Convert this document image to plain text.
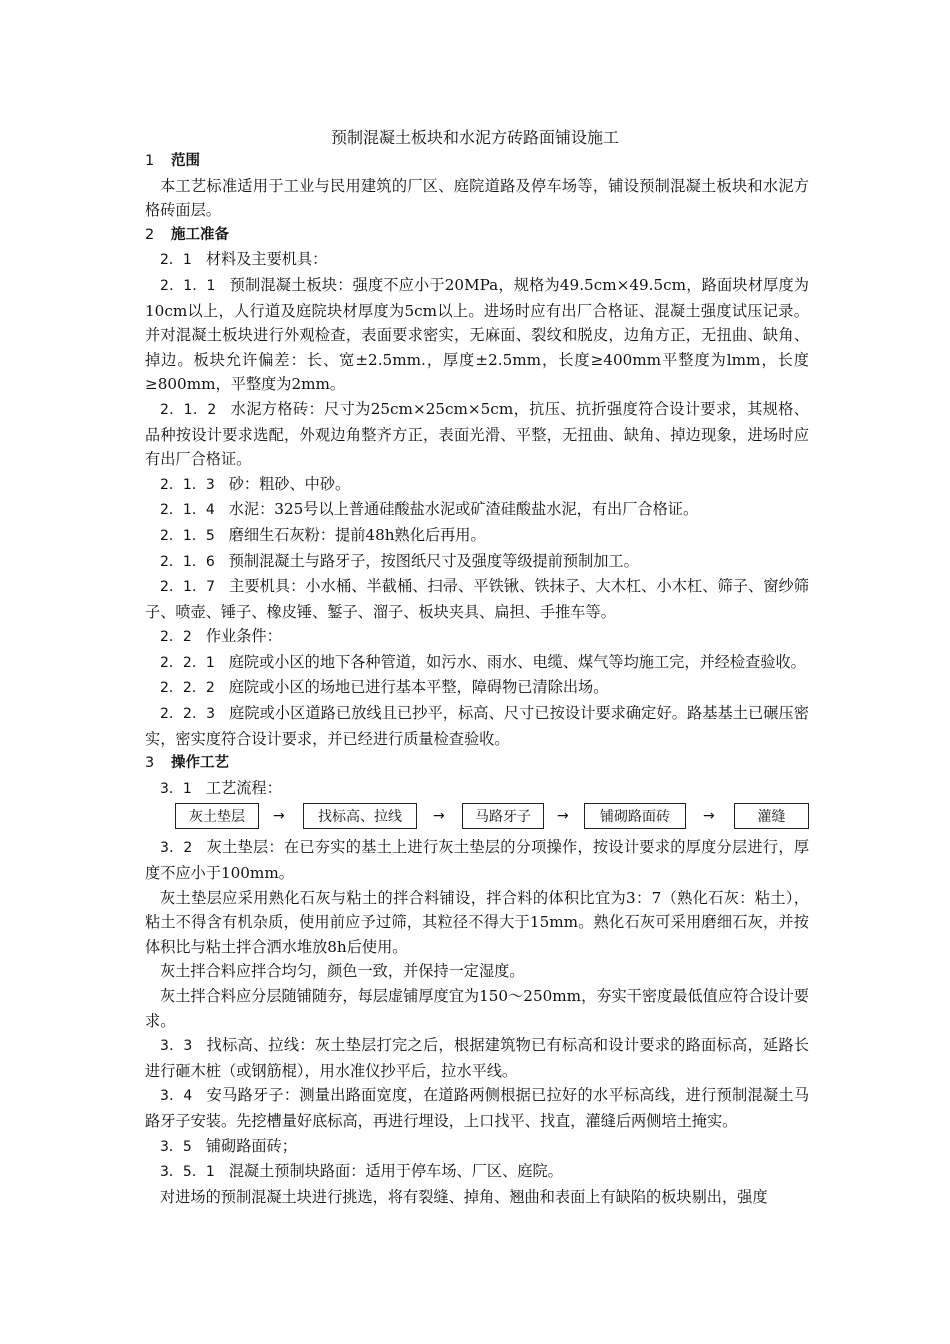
预制混凝土板块和水泥方砖路面铺设施工

1 范围

本工艺标准适用于工业与民用建筑的厂区、庭院道路及停车场等，铺设预制混凝土板块和水泥方格砖面层。

2 施工准备

2．1 材料及主要机具：

2．1．1 预制混凝土板块：强度不应小于20MPa，规格为49.5cm×49.5cm，路面块材厚度为10cm以上，人行道及庭院块材厚度为5cm以上。进场时应有出厂合格证、混凝土强度试压记录。并对混凝土板块进行外观检查，表面要求密实，无麻面、裂纹和脱皮，边角方正，无扭曲、缺角、掉边。板块允许偏差：长、宽±2.5mm.，厚度±2.5mm，长度≥400mm平整度为lmm，长度≥800mm，平整度为2mm。

2．1．2 水泥方格砖：尺寸为25cm×25cm×5cm，抗压、抗折强度符合设计要求，其规格、品种按设计要求选配，外观边角整齐方正，表面光滑、平整，无扭曲、缺角、掉边现象，进场时应有出厂合格证。

2．1．3 砂：粗砂、中砂。

2．1．4 水泥：325号以上普通硅酸盐水泥或矿渣硅酸盐水泥，有出厂合格证。

2．1．5 磨细生石灰粉：提前48h熟化后再用。

2．1．6 预制混凝土与路牙子，按图纸尺寸及强度等级提前预制加工。

2．1．7 主要机具：小水桶、半截桶、扫帚、平铁锹、铁抹子、大木杠、小木杠、筛子、窗纱筛子、喷壶、锤子、橡皮锤、錾子、溜子、板块夹具、扁担、手推车等。

2．2 作业条件：

2．2．1 庭院或小区的地下各种管道，如污水、雨水、电缆、煤气等均施工完，并经检查验收。

2．2．2 庭院或小区的场地已进行基本平整，障碍物已清除出场。

2．2．3 庭院或小区道路已放线且已抄平，标高、尺寸已按设计要求确定好。路基基土已碾压密实，密实度符合设计要求，并已经进行质量检查验收。

3 操作工艺

3．1 工艺流程：

灰土垫层	→	找标高、拉线	→	马路牙子	→	铺砌路面砖	→	灌缝

3．2 灰土垫层：在已夯实的基土上进行灰土垫层的分项操作，按设计要求的厚度分层进行，厚度不应小于100mm。

灰土垫层应采用熟化石灰与粘土的拌合料铺设，拌合料的体积比宜为3：7（熟化石灰：粘土），粘土不得含有机杂质，使用前应予过筛，其粒径不得大于15mm。熟化石灰可采用磨细石灰，并按体积比与粘土拌合洒水堆放8h后使用。

灰土拌合料应拌合均匀，颜色一致，并保持一定湿度。

灰土拌合料应分层随铺随夯，每层虚铺厚度宜为150～250mm，夯实干密度最低值应符合设计要求。

3．3 找标高、拉线：灰土垫层打完之后，根据建筑物已有标高和设计要求的路面标高，延路长进行砸木桩（或钢筋棍），用水准仪抄平后，拉水平线。

3．4 安马路牙子：测量出路面宽度，在道路两侧根据已拉好的水平标高线，进行预制混凝土马路牙子安装。先挖槽量好底标高，再进行埋设，上口找平、找直，灌缝后两侧培土掩实。

3．5 铺砌路面砖；

3．5．1 混凝土预制块路面：适用于停车场、厂区、庭院。

对进场的预制混凝土块进行挑选，将有裂缝、掉角、翘曲和表面上有缺陷的板块剔出，强度
